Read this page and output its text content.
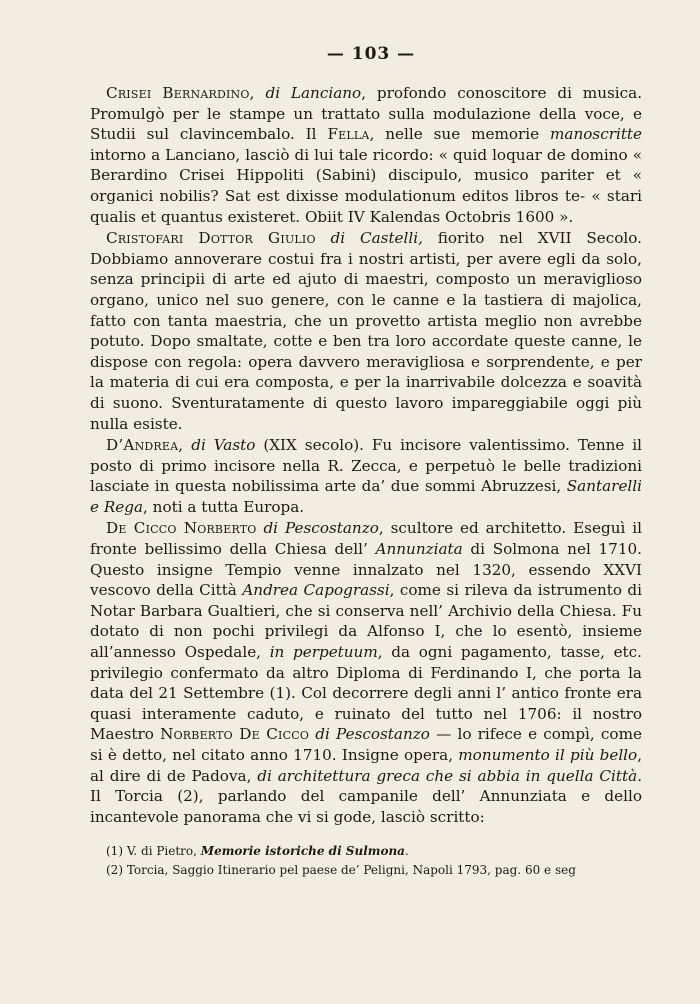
— 103 —

Crisei Bernardino, di Lanciano, profondo conoscitore di musica. Promulgò per le stampe un trattato sulla modulazione della voce, e Studii sul clavincembalo. Il Fella, nelle sue memorie manoscritte intorno a Lanciano, lasciò di lui tale ricordo: « quid loquar de domino « Berardino Crisei Hippoliti (Sabini) discipulo, musico pariter et « organici nobilis? Sat est dixisse modulationum editos libros te- « stari qualis et quantus existeret. Obiit IV Kalendas Octobris 1600 ».

Cristofari Dottor Giulio di Castelli, fiorito nel XVII Secolo. Dobbiamo annoverare costui fra i nostri artisti, per avere egli da solo, senza principii di arte ed ajuto di maestri, composto un meraviglioso organo, unico nel suo genere, con le canne e la tastiera di majolica, fatto con tanta maestria, che un provetto artista meglio non avrebbe potuto. Dopo smaltate, cotte e ben tra loro accordate queste canne, le dispose con regola: opera davvero meravigliosa e sorprendente, e per la materia di cui era composta, e per la inarrivabile dolcezza e soavità di suono. Sventuratamente di questo lavoro impareggiabile oggi più nulla esiste.

D’Andrea, di Vasto (XIX secolo). Fu incisore valentissimo. Tenne il posto di primo incisore nella R. Zecca, e perpetuò le belle tradizioni lasciate in questa nobilissima arte da’ due sommi Abruzzesi, Santarelli e Rega, noti a tutta Europa.

De Cicco Norberto di Pescostanzo, scultore ed architetto. Eseguì il fronte bellissimo della Chiesa dell’ Annunziata di Solmona nel 1710. Questo insigne Tempio venne innalzato nel 1320, essendo XXVI vescovo della Città Andrea Capograssi, come si rileva da istrumento di Notar Barbara Gualtieri, che si conserva nell’ Archivio della Chiesa. Fu dotato di non pochi privilegi da Alfonso I, che lo esentò, insieme all’annesso Ospedale, in perpetuum, da ogni pagamento, tasse, etc. privilegio confermato da altro Diploma di Ferdinando I, che porta la data del 21 Settembre (1). Col decorrere degli anni l’ antico fronte era quasi interamente caduto, e ruinato del tutto nel 1706: il nostro Maestro Norberto De Cicco di Pescostanzo — lo rifece e compì, come si è detto, nel citato anno 1710. Insigne opera, monumento il più bello, al dire di de Padova, di architettura greca che si abbia in quella Città. Il Torcia (2), parlando del campanile dell’ Annunziata e dello incantevole panorama che vi si gode, lasciò scritto:

(1) V. di Pietro, Memorie istoriche di Sulmona.
(2) Torcia, Saggio Itinerario pel paese de’ Peligni, Napoli 1793, pag. 60 e seg
